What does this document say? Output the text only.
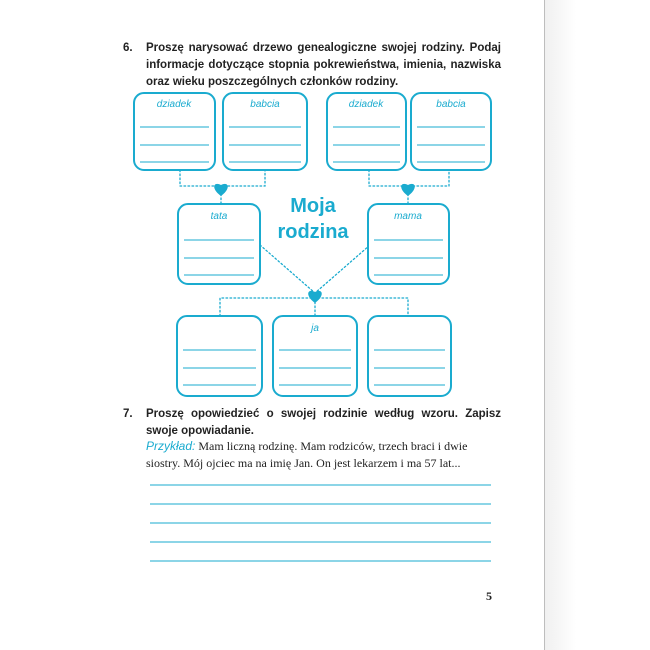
6. Proszę narysować drzewo genealogiczne swojej rodziny. Podaj informacje dotyczące stopnia pokrewieństwa, imienia, nazwiska oraz wieku poszczególnych członków rodziny.
Moja
rodzina
dziadek	babcia	dziadek	babcia
tata	mama
ja
7. Proszę opowiedzieć o swojej rodzinie według wzoru. Zapisz swoje opowiadanie.
Przykład: Mam liczną rodzinę. Mam rodziców, trzech braci i dwie siostry. Mój ojciec ma na imię Jan. On jest lekarzem i ma 57 lat...
5
